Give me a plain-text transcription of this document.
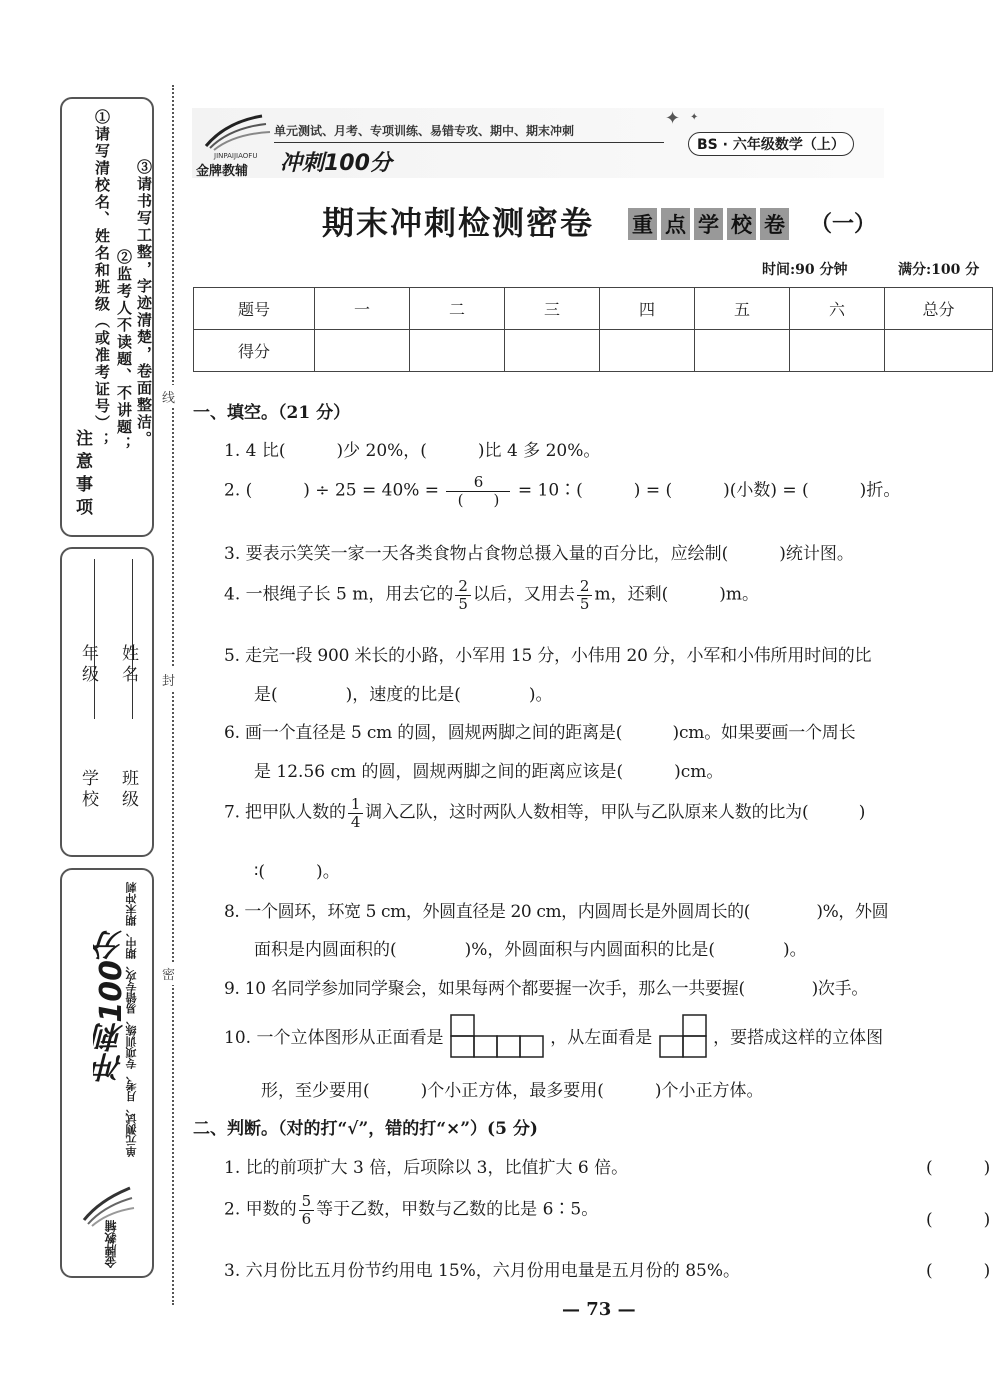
注意事项
①请写清校名、姓名和班级（或准考证号）； ②监考人不读题、不讲题； ③请书写工整，字迹清楚，卷面整洁。
学校
年级
班级
姓名
单元测试、月考、专项训练、易错专攻、期中、期末冲刺
冲刺100分
金牌教辅
线
封
密
JINPAIJIAOFU
金牌教辅
单元测试、月考、专项训练、易错专攻、期中、期末冲刺
冲刺100分
✦ ✦
BS · 六年级数学（上）
期末冲刺检测密卷 重 点 学 校 卷	（一）
时间:90 分钟	满分:100 分
题号	一	二	三	四	五	六	总分
得分							
一、填空。（21 分）
1. 4 比(　　　)少 20%，(　　　)比 4 多 20%。
2. (　　　) ÷ $25 = 40\% = \frac{6}{( )}$ = 10∶(　　　) = (　　　)(小数) = (　　　)折。
3. 要表示笑笑一家一天各类食物占食物总摄入量的百分比，应绘制(　　　)统计图。
4. 一根绳子长 5 m，用去它的 $\frac{2}{5}$ 以后，又用去 $\frac{2}{5}$ m，还剩(　　　)m。
5. 走完一段 900 米长的小路，小军用 15 分，小伟用 20 分，小军和小伟所用时间的比
是(　　　　)，速度的比是(　　　　)。
6. 画一个直径是 5 cm 的圆，圆规两脚之间的距离是(　　　)cm。如果要画一个周长
是 12.56 cm 的圆，圆规两脚之间的距离应该是(　　　)cm。
7. 把甲队人数的 $\frac{1}{4}$ 调入乙队，这时两队人数相等，甲队与乙队原来人数的比为(　　　)
∶(　　　)。
8. 一个圆环，环宽 5 cm，外圆直径是 20 cm，内圆周长是外圆周长的(　　　　)%，外圆
面积是内圆面积的(　　　　)%，外圆面积与内圆面积的比是(　　　　)。
9. 10 名同学参加同学聚会，如果每两个都要握一次手，那么一共要握(　　　　)次手。
10. 一个立体图形从正面看是	，从左面看是	，要搭成这样的立体图
形，至少要用(　　　)个小正方体，最多要用(　　　)个小正方体。
二、判断。（对的打“√”，错的打“×”）(5 分)
1. 比的前项扩大 3 倍，后项除以 3，比值扩大 6 倍。	(　　　)
2. 甲数的 $\frac{5}{6}$ 等于乙数，甲数与乙数的比是 6∶5。
(　　　)
3. 六月份比五月份节约用电 15%，六月份用电量是五月份的 85%。	(　　　)
— 73 —
